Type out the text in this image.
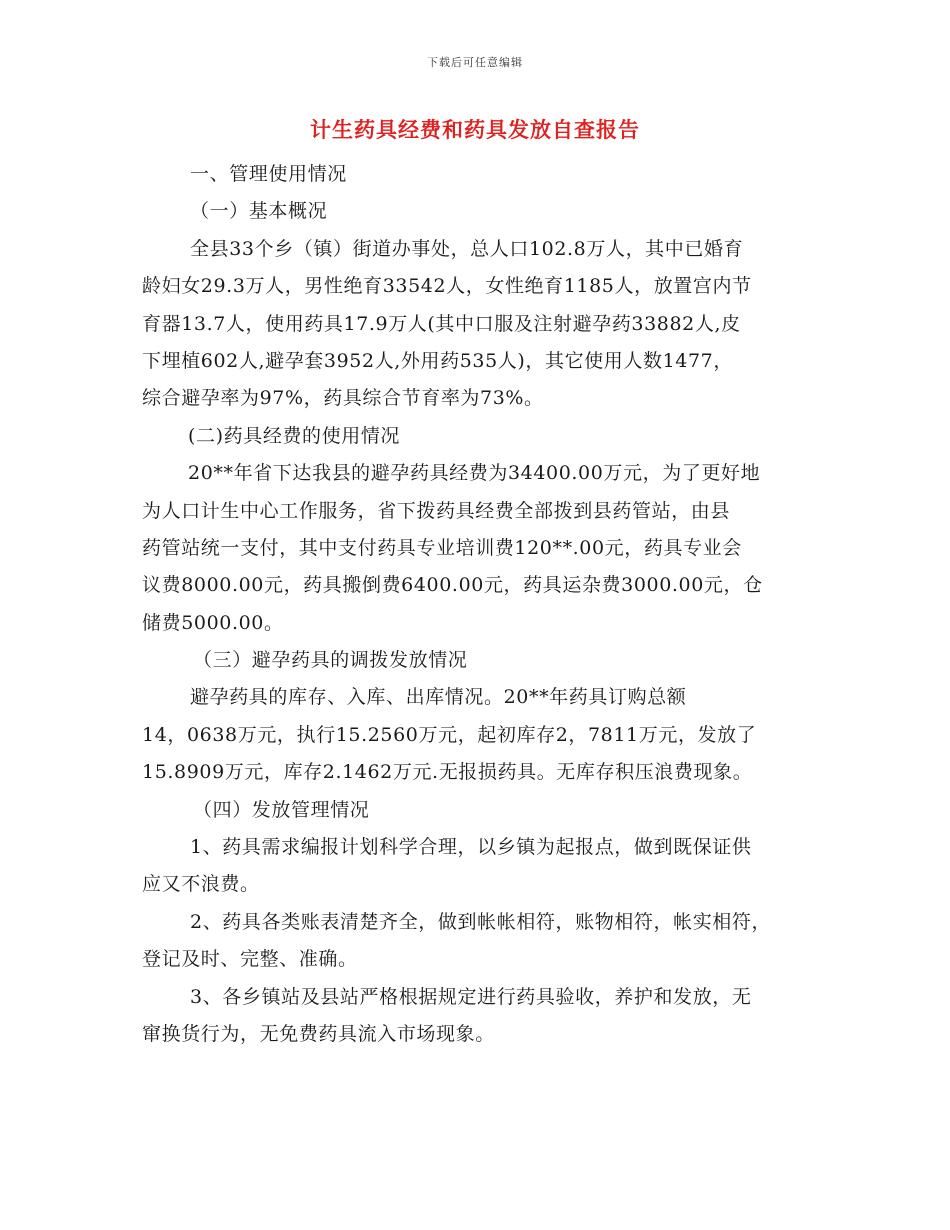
下载后可任意编辑
计生药具经费和药具发放自查报告
一、管理使用情况
（一）基本概况
全县33个乡（镇）街道办事处，总人口102.8万人，其中已婚育
龄妇女29.3万人，男性绝育33542人，女性绝育1185人，放置宫内节
育器13.7人，使用药具17.9万人(其中口服及注射避孕药33882人,皮
下埋植602人,避孕套3952人,外用药535人)，其它使用人数1477，
综合避孕率为97%，药具综合节育率为73%。
(二)药具经费的使用情况
20**年省下达我县的避孕药具经费为34400.00万元，为了更好地
为人口计生中心工作服务，省下拨药具经费全部拨到县药管站，由县
药管站统一支付，其中支付药具专业培训费120**.00元，药具专业会
议费8000.00元，药具搬倒费6400.00元，药具运杂费3000.00元，仓
储费5000.00。
（三）避孕药具的调拨发放情况
避孕药具的库存、入库、出库情况。20**年药具订购总额
14，0638万元，执行15.2560万元，起初库存2，7811万元，发放了
15.8909万元，库存2.1462万元.无报损药具。无库存积压浪费现象。
（四）发放管理情况
1、药具需求编报计划科学合理，以乡镇为起报点，做到既保证供
应又不浪费。
2、药具各类账表清楚齐全，做到帐帐相符，账物相符，帐实相符，
登记及时、完整、准确。
3、各乡镇站及县站严格根据规定进行药具验收，养护和发放，无
窜换货行为，无免费药具流入市场现象。
